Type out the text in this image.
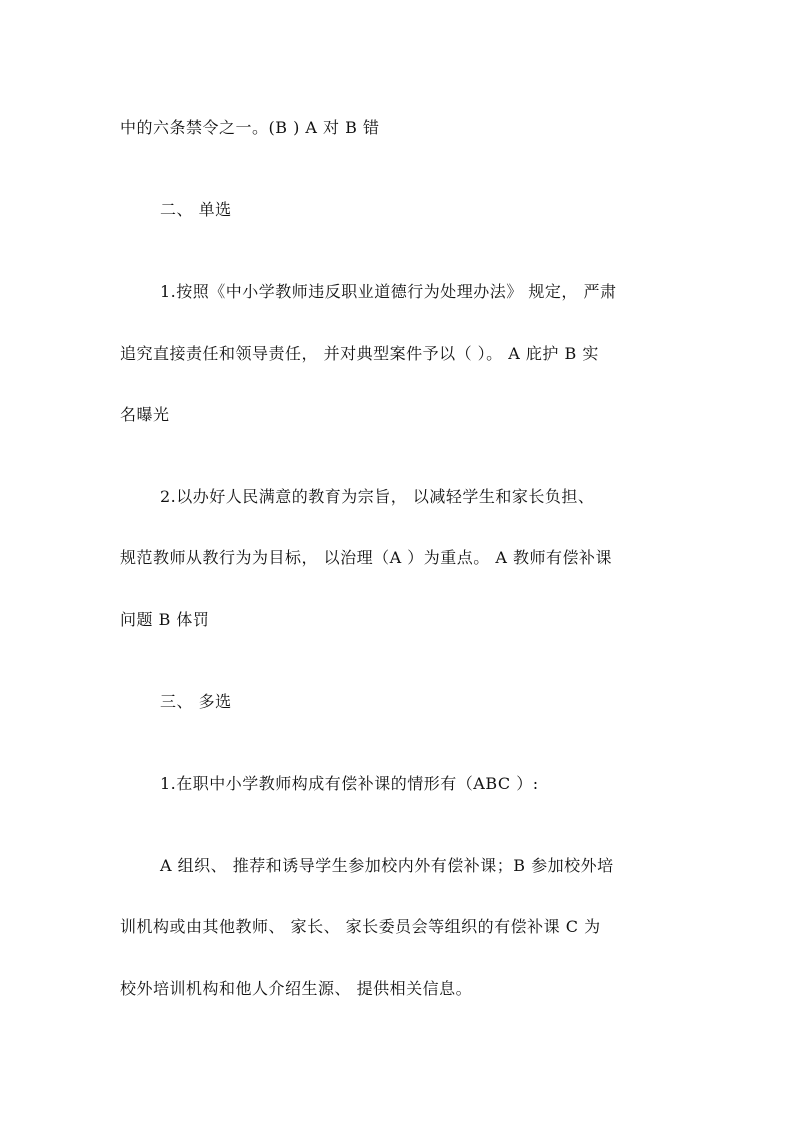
中的六条禁令之一。(B ) A 对 B 错
二、 单选
1.按照《中小学教师违反职业道德行为处理办法》 规定， 严肃
追究直接责任和领导责任， 并对典型案件予以（ ）。 A 庇护 B 实
名曝光
2.以办好人民满意的教育为宗旨， 以减轻学生和家长负担、
规范教师从教行为为目标， 以治理（A ）为重点。 A 教师有偿补课
问题 B 体罚
三、 多选
1.在职中小学教师构成有偿补课的情形有（ABC ）:
A 组织、 推荐和诱导学生参加校内外有偿补课；B 参加校外培
训机构或由其他教师、 家长、 家长委员会等组织的有偿补课 C 为
校外培训机构和他人介绍生源、 提供相关信息。
